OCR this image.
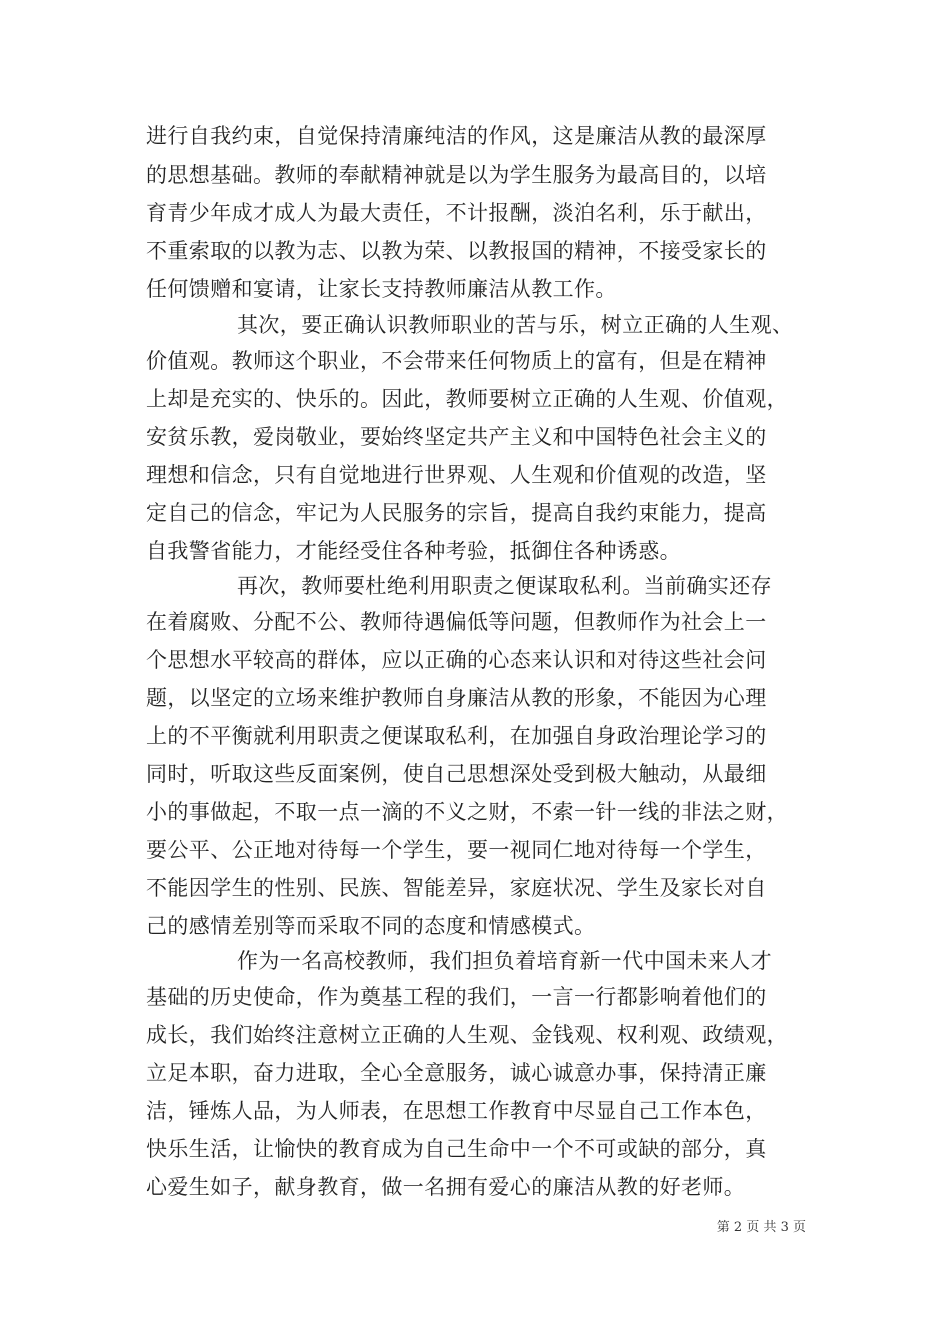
进行自我约束，自觉保持清廉纯洁的作风，这是廉洁从教的最深厚
的思想基础。教师的奉献精神就是以为学生服务为最高目的，以培
育青少年成才成人为最大责任，不计报酬，淡泊名利，乐于献出，
不重索取的以教为志、以教为荣、以教报国的精神，不接受家长的
任何馈赠和宴请，让家长支持教师廉洁从教工作。
其次，要正确认识教师职业的苦与乐，树立正确的人生观、
价值观。教师这个职业，不会带来任何物质上的富有，但是在精神
上却是充实的、快乐的。因此，教师要树立正确的人生观、价值观，
安贫乐教，爱岗敬业，要始终坚定共产主义和中国特色社会主义的
理想和信念，只有自觉地进行世界观、人生观和价值观的改造，坚
定自己的信念，牢记为人民服务的宗旨，提高自我约束能力，提高
自我警省能力，才能经受住各种考验，抵御住各种诱惑。
再次，教师要杜绝利用职责之便谋取私利。当前确实还存
在着腐败、分配不公、教师待遇偏低等问题，但教师作为社会上一
个思想水平较高的群体，应以正确的心态来认识和对待这些社会问
题，以坚定的立场来维护教师自身廉洁从教的形象，不能因为心理
上的不平衡就利用职责之便谋取私利，在加强自身政治理论学习的
同时，听取这些反面案例，使自己思想深处受到极大触动，从最细
小的事做起，不取一点一滴的不义之财，不索一针一线的非法之财，
要公平、公正地对待每一个学生，要一视同仁地对待每一个学生，
不能因学生的性别、民族、智能差异，家庭状况、学生及家长对自
己的感情差别等而采取不同的态度和情感模式。
作为一名高校教师，我们担负着培育新一代中国未来人才
基础的历史使命，作为奠基工程的我们，一言一行都影响着他们的
成长，我们始终注意树立正确的人生观、金钱观、权利观、政绩观，
立足本职，奋力进取，全心全意服务，诚心诚意办事，保持清正廉
洁，锤炼人品，为人师表，在思想工作教育中尽显自己工作本色，
快乐生活，让愉快的教育成为自己生命中一个不可或缺的部分，真
心爱生如子，献身教育，做一名拥有爱心的廉洁从教的好老师。
第 2 页 共 3 页
